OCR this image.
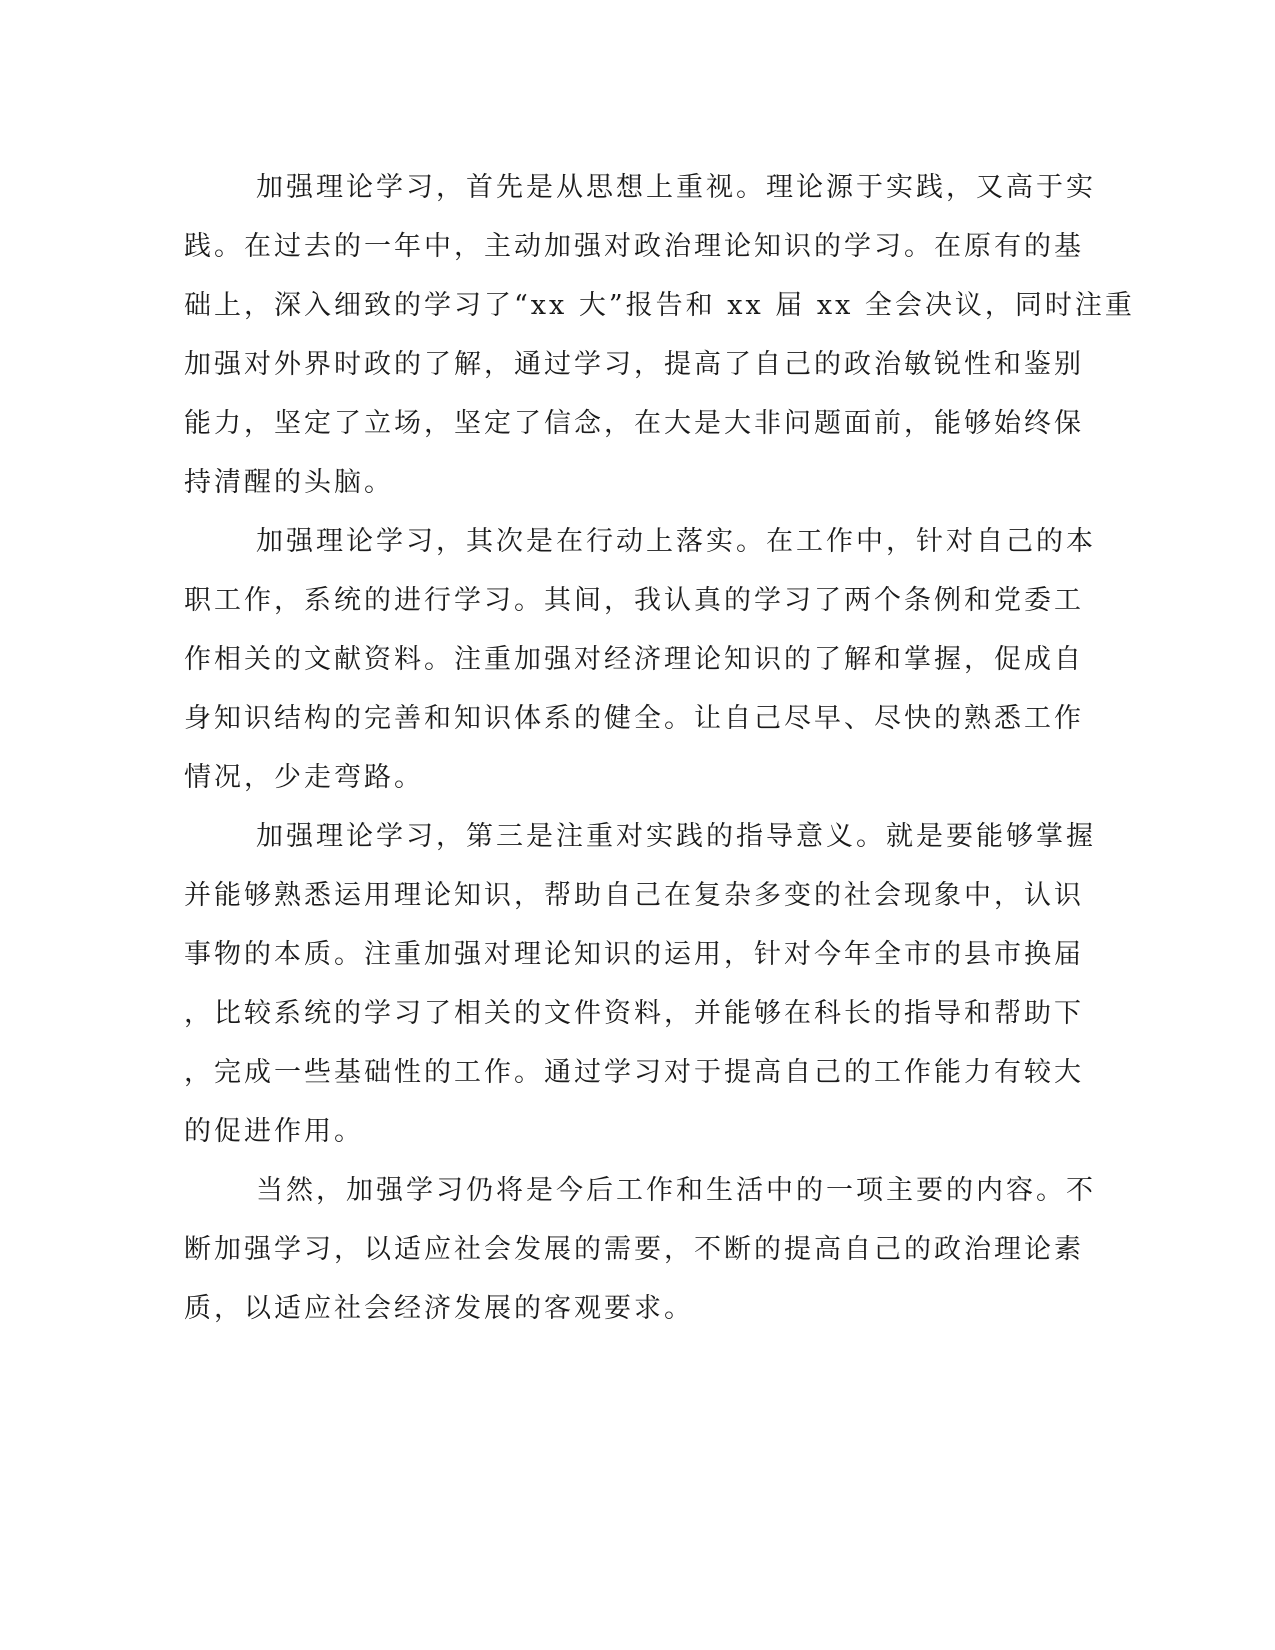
加强理论学习，首先是从思想上重视。理论源于实践，又高于实
践。在过去的一年中，主动加强对政治理论知识的学习。在原有的基
础上，深入细致的学习了“xx 大”报告和 xx 届 xx 全会决议，同时注重
加强对外界时政的了解，通过学习，提高了自己的政治敏锐性和鉴别
能力，坚定了立场，坚定了信念，在大是大非问题面前，能够始终保
持清醒的头脑。
加强理论学习，其次是在行动上落实。在工作中，针对自己的本
职工作，系统的进行学习。其间，我认真的学习了两个条例和党委工
作相关的文献资料。注重加强对经济理论知识的了解和掌握，促成自
身知识结构的完善和知识体系的健全。让自己尽早、尽快的熟悉工作
情况，少走弯路。
加强理论学习，第三是注重对实践的指导意义。就是要能够掌握
并能够熟悉运用理论知识，帮助自己在复杂多变的社会现象中，认识
事物的本质。注重加强对理论知识的运用，针对今年全市的县市换届
，比较系统的学习了相关的文件资料，并能够在科长的指导和帮助下
，完成一些基础性的工作。通过学习对于提高自己的工作能力有较大
的促进作用。
当然，加强学习仍将是今后工作和生活中的一项主要的内容。不
断加强学习，以适应社会发展的需要，不断的提高自己的政治理论素
质，以适应社会经济发展的客观要求。
